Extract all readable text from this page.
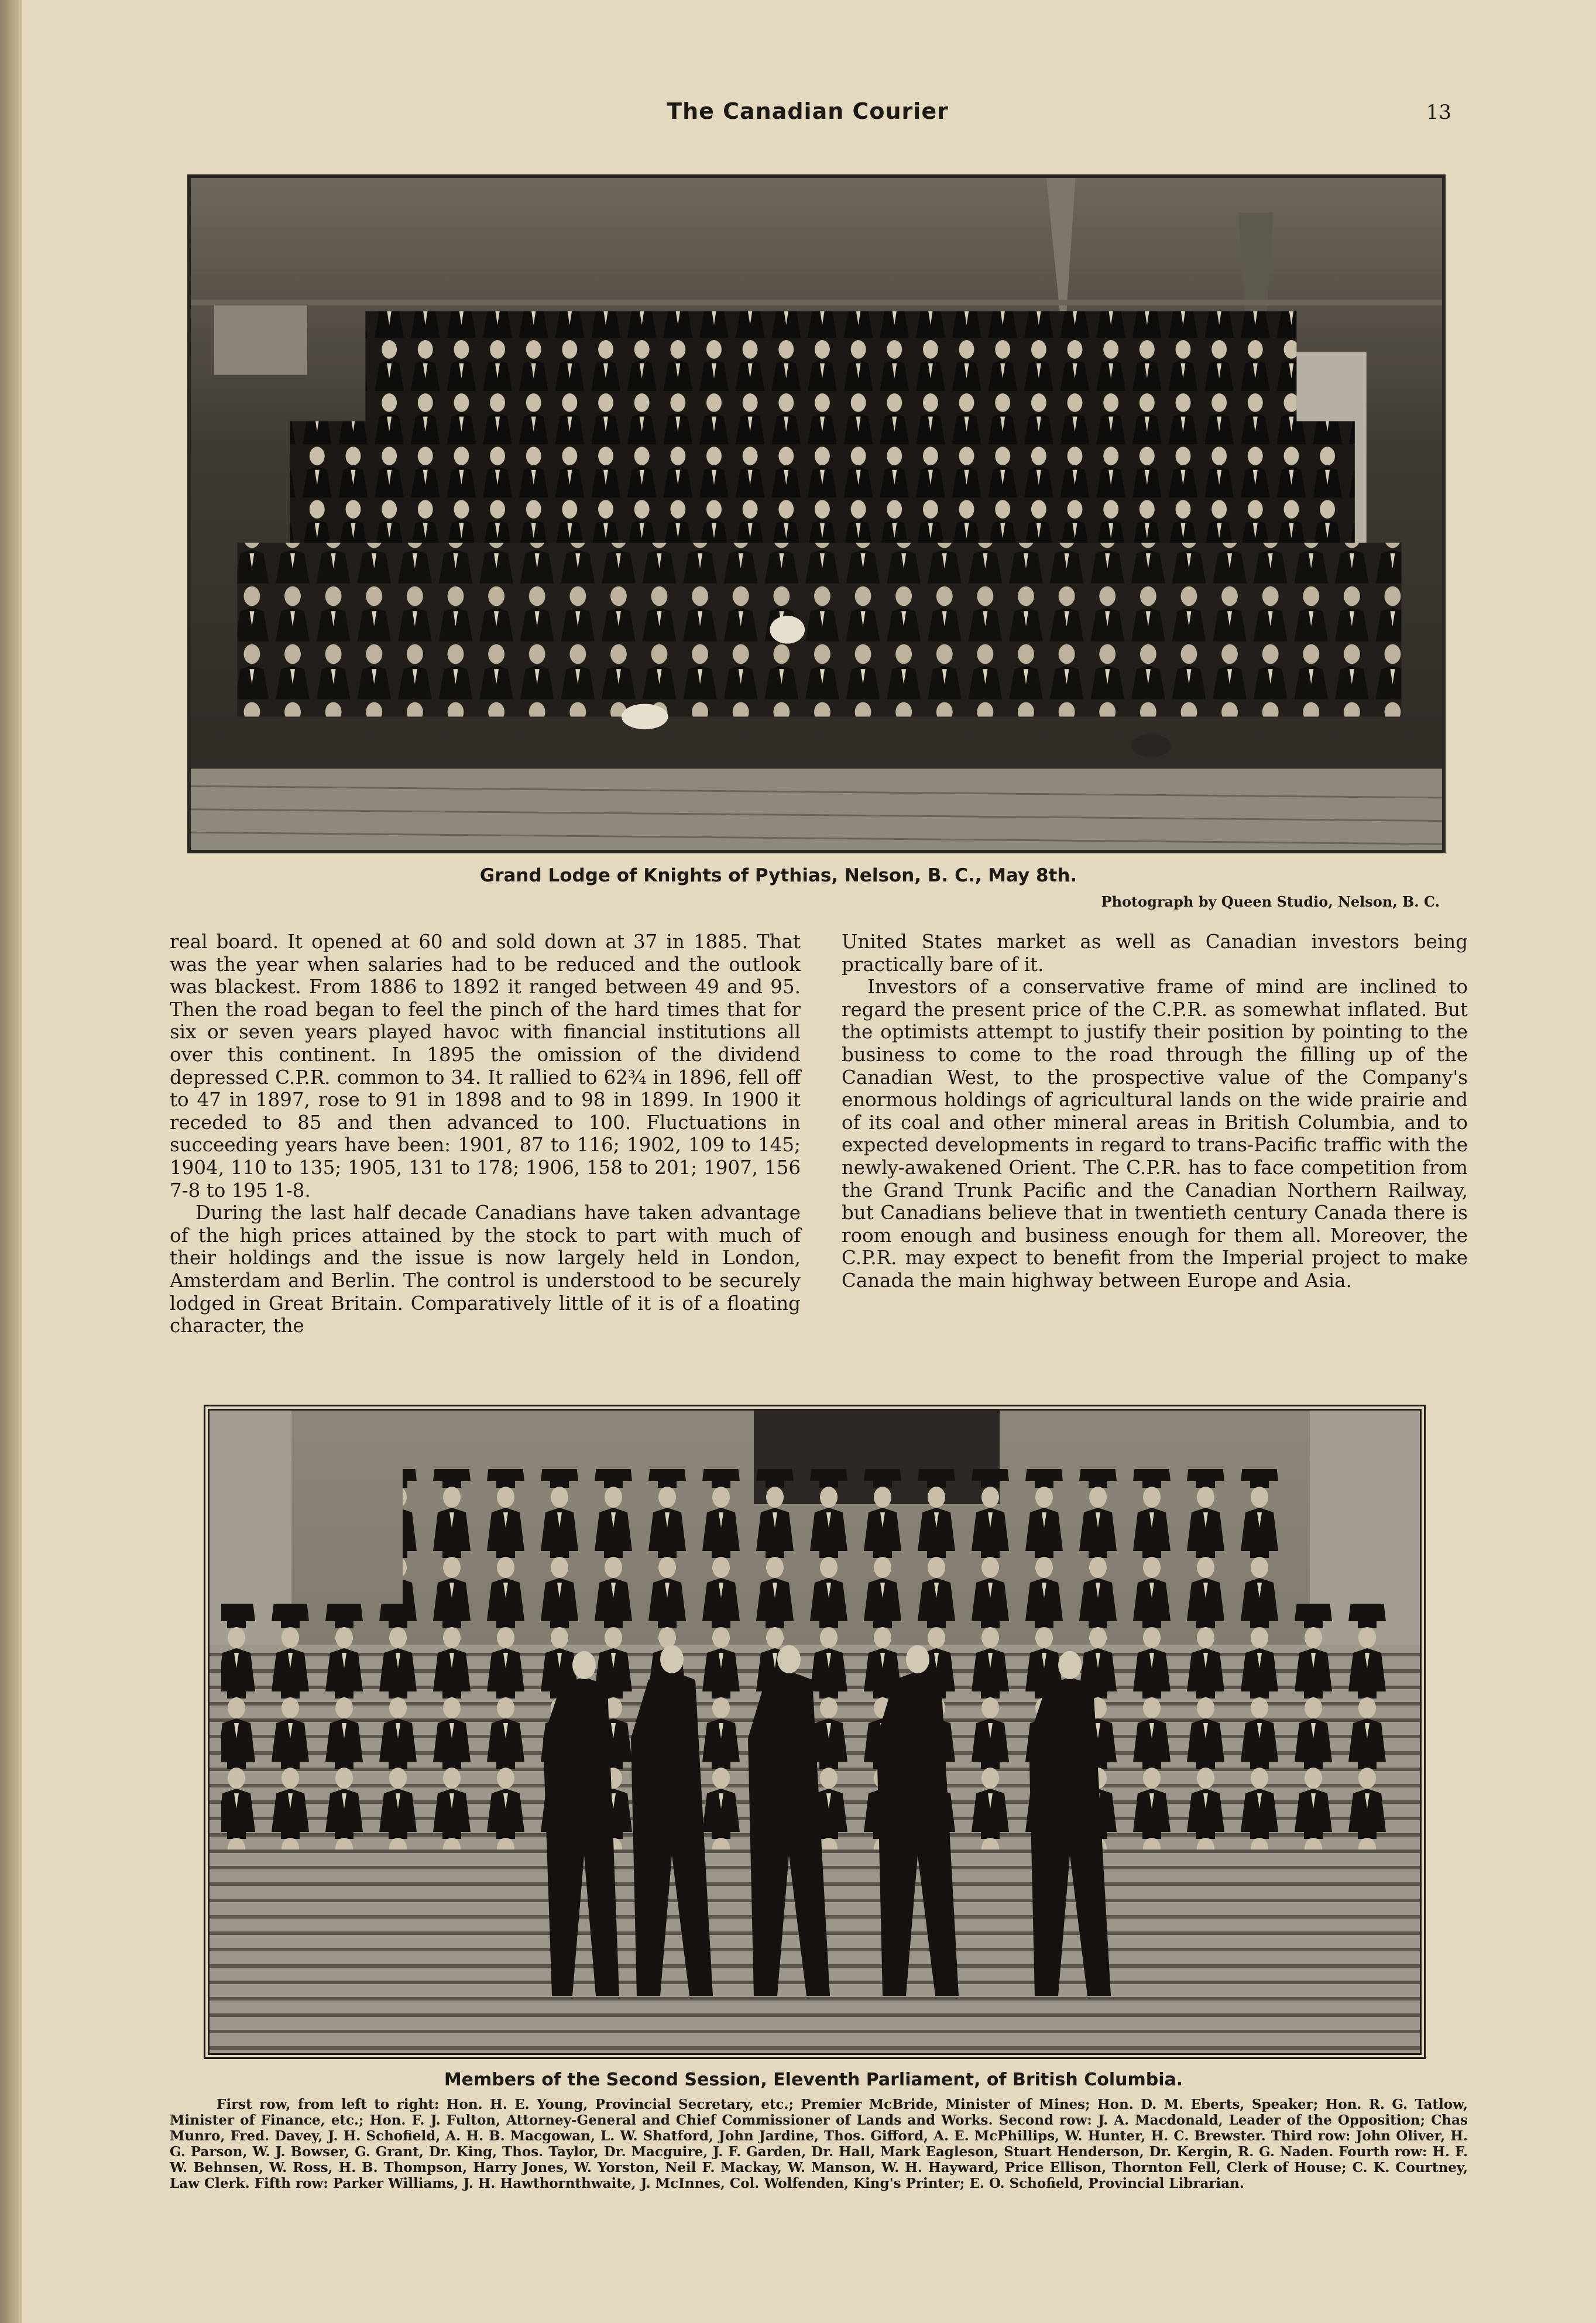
The Canadian Courier	13
Grand Lodge of Knights of Pythias, Nelson, B. C., May 8th.
Photograph by Queen Studio, Nelson, B. C.

real board. It opened at 60 and sold down at 37 in 1885. That was the year when salaries had to be reduced and the outlook was blackest. From 1886 to 1892 it ranged between 49 and 95. Then the road began to feel the pinch of the hard times that for six or seven years played havoc with financial institutions all over this continent. In 1895 the omission of the dividend depressed C.P.R. common to 34. It rallied to 62¾ in 1896, fell off to 47 in 1897, rose to 91 in 1898 and to 98 in 1899. In 1900 it receded to 85 and then advanced to 100. Fluctuations in succeeding years have been: 1901, 87 to 116; 1902, 109 to 145; 1904, 110 to 135; 1905, 131 to 178; 1906, 158 to 201; 1907, 156 7-8 to 195 1-8.

During the last half decade Canadians have taken advantage of the high prices attained by the stock to part with much of their holdings and the issue is now largely held in London, Amsterdam and Berlin. The control is understood to be securely lodged in Great Britain. Comparatively little of it is of a floating character, the

United States market as well as Canadian investors being practically bare of it.

Investors of a conservative frame of mind are inclined to regard the present price of the C.P.R. as somewhat inflated. But the optimists attempt to justify their position by pointing to the business to come to the road through the filling up of the Canadian West, to the prospective value of the Company's enormous holdings of agricultural lands on the wide prairie and of its coal and other mineral areas in British Columbia, and to expected developments in regard to trans-Pacific traffic with the newly-awakened Orient. The C.P.R. has to face competition from the Grand Trunk Pacific and the Canadian Northern Railway, but Canadians believe that in twentieth century Canada there is room enough and business enough for them all. Moreover, the C.P.R. may expect to benefit from the Imperial project to make Canada the main highway between Europe and Asia.

Members of the Second Session, Eleventh Parliament, of British Columbia.
First row, from left to right: Hon. H. E. Young, Provincial Secretary, etc.; Premier McBride, Minister of Mines; Hon. D. M. Eberts, Speaker; Hon. R. G. Tatlow, Minister of Finance, etc.; Hon. F. J. Fulton, Attorney-General and Chief Commissioner of Lands and Works. Second row: J. A. Macdonald, Leader of the Opposition; Chas Munro, Fred. Davey, J. H. Schofield, A. H. B. Macgowan, L. W. Shatford, John Jardine, Thos. Gifford, A. E. McPhillips, W. Hunter, H. C. Brewster. Third row: John Oliver, H. G. Parson, W. J. Bowser, G. Grant, Dr. King, Thos. Taylor, Dr. Macguire, J. F. Garden, Dr. Hall, Mark Eagleson, Stuart Henderson, Dr. Kergin, R. G. Naden. Fourth row: H. F. W. Behnsen, W. Ross, H. B. Thompson, Harry Jones, W. Yorston, Neil F. Mackay, W. Manson, W. H. Hayward, Price Ellison, Thornton Fell, Clerk of House; C. K. Courtney, Law Clerk. Fifth row: Parker Williams, J. H. Hawthornthwaite, J. McInnes, Col. Wolfenden, King's Printer; E. O. Schofield, Provincial Librarian.
